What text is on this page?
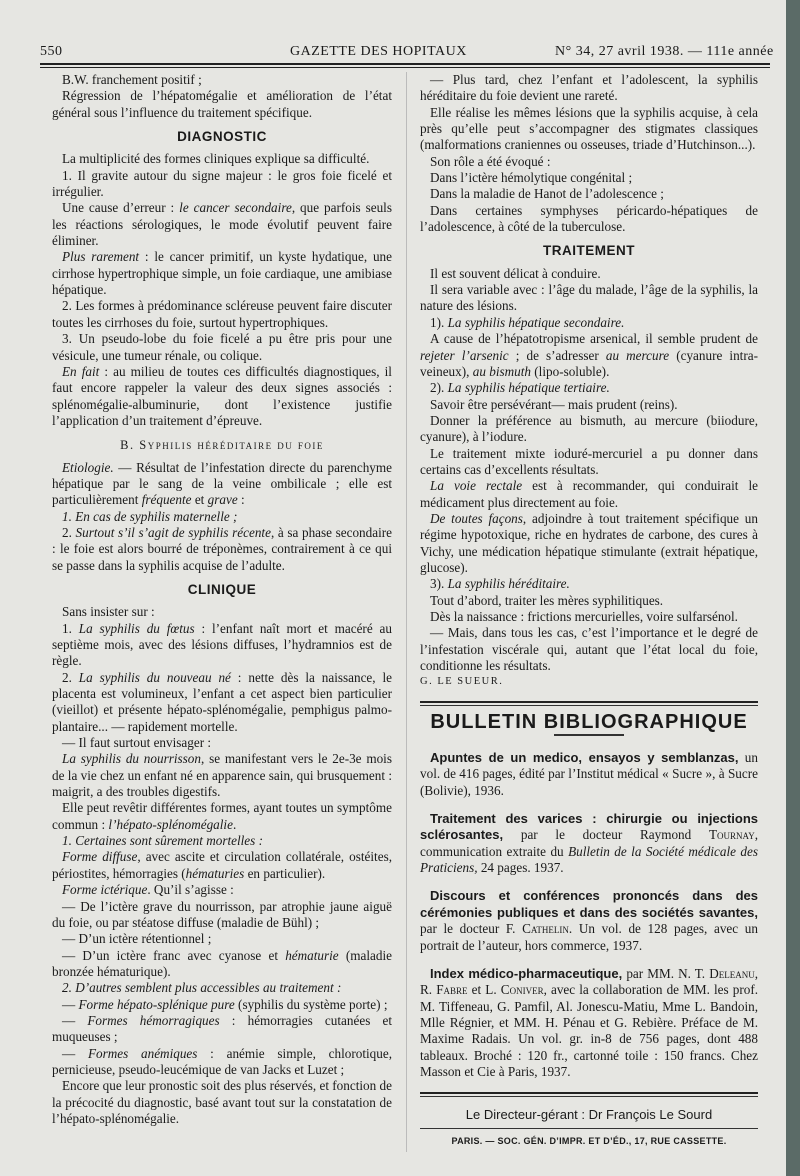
550	GAZETTE DES HOPITAUX	N° 34, 27 avril 1938. — 111e année

B.W. franchement positif ;

Régression de l’hépatomégalie et amélioration de l’état général sous l’influence du traitement spécifique.

DIAGNOSTIC

La multiplicité des formes cliniques explique sa difficulté.

1. Il gravite autour du signe majeur : le gros foie ficelé et irrégulier.

Une cause d’erreur : le cancer secondaire, que parfois seuls les réactions sérologiques, le mode évolutif peuvent faire éliminer.

Plus rarement : le cancer primitif, un kyste hydatique, une cirrhose hypertrophique simple, un foie cardiaque, une amibiase hépatique.

2. Les formes à prédominance scléreuse peuvent faire discuter toutes les cirrhoses du foie, surtout hypertrophiques.

3. Un pseudo-lobe du foie ficelé a pu être pris pour une vésicule, une tumeur rénale, ou colique.

En fait : au milieu de toutes ces difficultés diagnostiques, il faut encore rappeler la valeur des deux signes associés : splénomégalie-albuminurie, dont l’existence justifie l’application d’un traitement d’épreuve.

B. Syphilis héréditaire du foie

Etiologie. — Résultat de l’infestation directe du parenchyme hépatique par le sang de la veine ombilicale ; elle est particulièrement fréquente et grave :

1. En cas de syphilis maternelle ;

2. Surtout s’il s’agit de syphilis récente, à sa phase secondaire : le foie est alors bourré de tréponèmes, contrairement à ce qui se passe dans la syphilis acquise de l’adulte.

CLINIQUE

Sans insister sur :

1. La syphilis du fœtus : l’enfant naît mort et macéré au septième mois, avec des lésions diffuses, l’hydramnios est de règle.

2. La syphilis du nouveau né : nette dès la naissance, le placenta est volumineux, l’enfant a cet aspect bien particulier (vieillot) et présente hépato-splénomégalie, pemphigus palmo-plantaire... — rapidement mortelle.

— Il faut surtout envisager :

La syphilis du nourrisson, se manifestant vers le 2e-3e mois de la vie chez un enfant né en apparence sain, qui brusquement : maigrit, a des troubles digestifs.

Elle peut revêtir différentes formes, ayant toutes un symptôme commun : l’hépato-splénomégalie.

1. Certaines sont sûrement mortelles :

Forme diffuse, avec ascite et circulation collatérale, ostéites, périostites, hémorragies (hématuries en particulier).

Forme ictérique. Qu’il s’agisse :

— De l’ictère grave du nourrisson, par atrophie jaune aiguë du foie, ou par stéatose diffuse (maladie de Bühl) ;

— D’un ictère rétentionnel ;

— D’un ictère franc avec cyanose et hématurie (maladie bronzée hématurique).

2. D’autres semblent plus accessibles au traitement :

— Forme hépato-splénique pure (syphilis du système porte) ;

— Formes hémorragiques : hémorragies cutanées et muqueuses ;

— Formes anémiques : anémie simple, chlorotique, pernicieuse, pseudo-leucémique de van Jacks et Luzet ;

Encore que leur pronostic soit des plus réservés, et fonction de la précocité du diagnostic, basé avant tout sur la constatation de l’hépato-splénomégalie.

— Plus tard, chez l’enfant et l’adolescent, la syphilis héréditaire du foie devient une rareté.

Elle réalise les mêmes lésions que la syphilis acquise, à cela près qu’elle peut s’accompagner des stigmates classiques (malformations craniennes ou osseuses, triade d’Hutchinson...).

Son rôle a été évoqué :

Dans l’ictère hémolytique congénital ;

Dans la maladie de Hanot de l’adolescence ;

Dans certaines symphyses péricardo-hépatiques de l’adolescence, à côté de la tuberculose.

TRAITEMENT

Il est souvent délicat à conduire.

Il sera variable avec : l’âge du malade, l’âge de la syphilis, la nature des lésions.

1). La syphilis hépatique secondaire.

A cause de l’hépatotropisme arsenical, il semble prudent de rejeter l’arsenic ; de s’adresser au mercure (cyanure intra-veineux), au bismuth (lipo-soluble).

2). La syphilis hépatique tertiaire.

Savoir être persévérant— mais prudent (reins).

Donner la préférence au bismuth, au mercure (biiodure, cyanure), à l’iodure.

Le traitement mixte ioduré-mercuriel a pu donner dans certains cas d’excellents résultats.

La voie rectale est à recommander, qui conduirait le médicament plus directement au foie.

De toutes façons, adjoindre à tout traitement spécifique un régime hypotoxique, riche en hydrates de carbone, des cures à Vichy, une médication hépatique stimulante (extrait hépatique, glucose).

3). La syphilis héréditaire.

Tout d’abord, traiter les mères syphilitiques.

Dès la naissance : frictions mercurielles, voire sulfarsénol.

— Mais, dans tous les cas, c’est l’importance et le degré de l’infestation viscérale qui, autant que l’état local du foie, conditionne les résultats.

G. LE SUEUR.

BULLETIN BIBLIOGRAPHIQUE

Apuntes de un medico, ensayos y semblanzas, un vol. de 416 pages, édité par l’Institut médical « Sucre », à Sucre (Bolivie), 1936.

Traitement des varices : chirurgie ou injections sclérosantes, par le docteur Raymond Tournay, communication extraite du Bulletin de la Société médicale des Praticiens, 24 pages. 1937.

Discours et conférences prononcés dans des cérémonies publiques et dans des sociétés savantes, par le docteur F. Cathelin. Un vol. de 128 pages, avec un portrait de l’auteur, hors commerce, 1937.

Index médico-pharmaceutique, par MM. N. T. Deleanu, R. Fabre et L. Coniver, avec la collaboration de MM. les prof. M. Tiffeneau, G. Pamfil, Al. Jonescu-Matiu, Mme L. Bandoin, Mlle Régnier, et MM. H. Pénau et G. Rebière. Préface de M. Maxime Radais. Un vol. gr. in-8 de 756 pages, dont 488 tableaux. Broché : 120 fr., cartonné toile : 150 francs. Chez Masson et Cie à Paris, 1937.

Le Directeur-gérant : Dr François Le Sourd
PARIS. — SOC. GÉN. D’IMPR. ET D’ÉD., 17, RUE CASSETTE.
